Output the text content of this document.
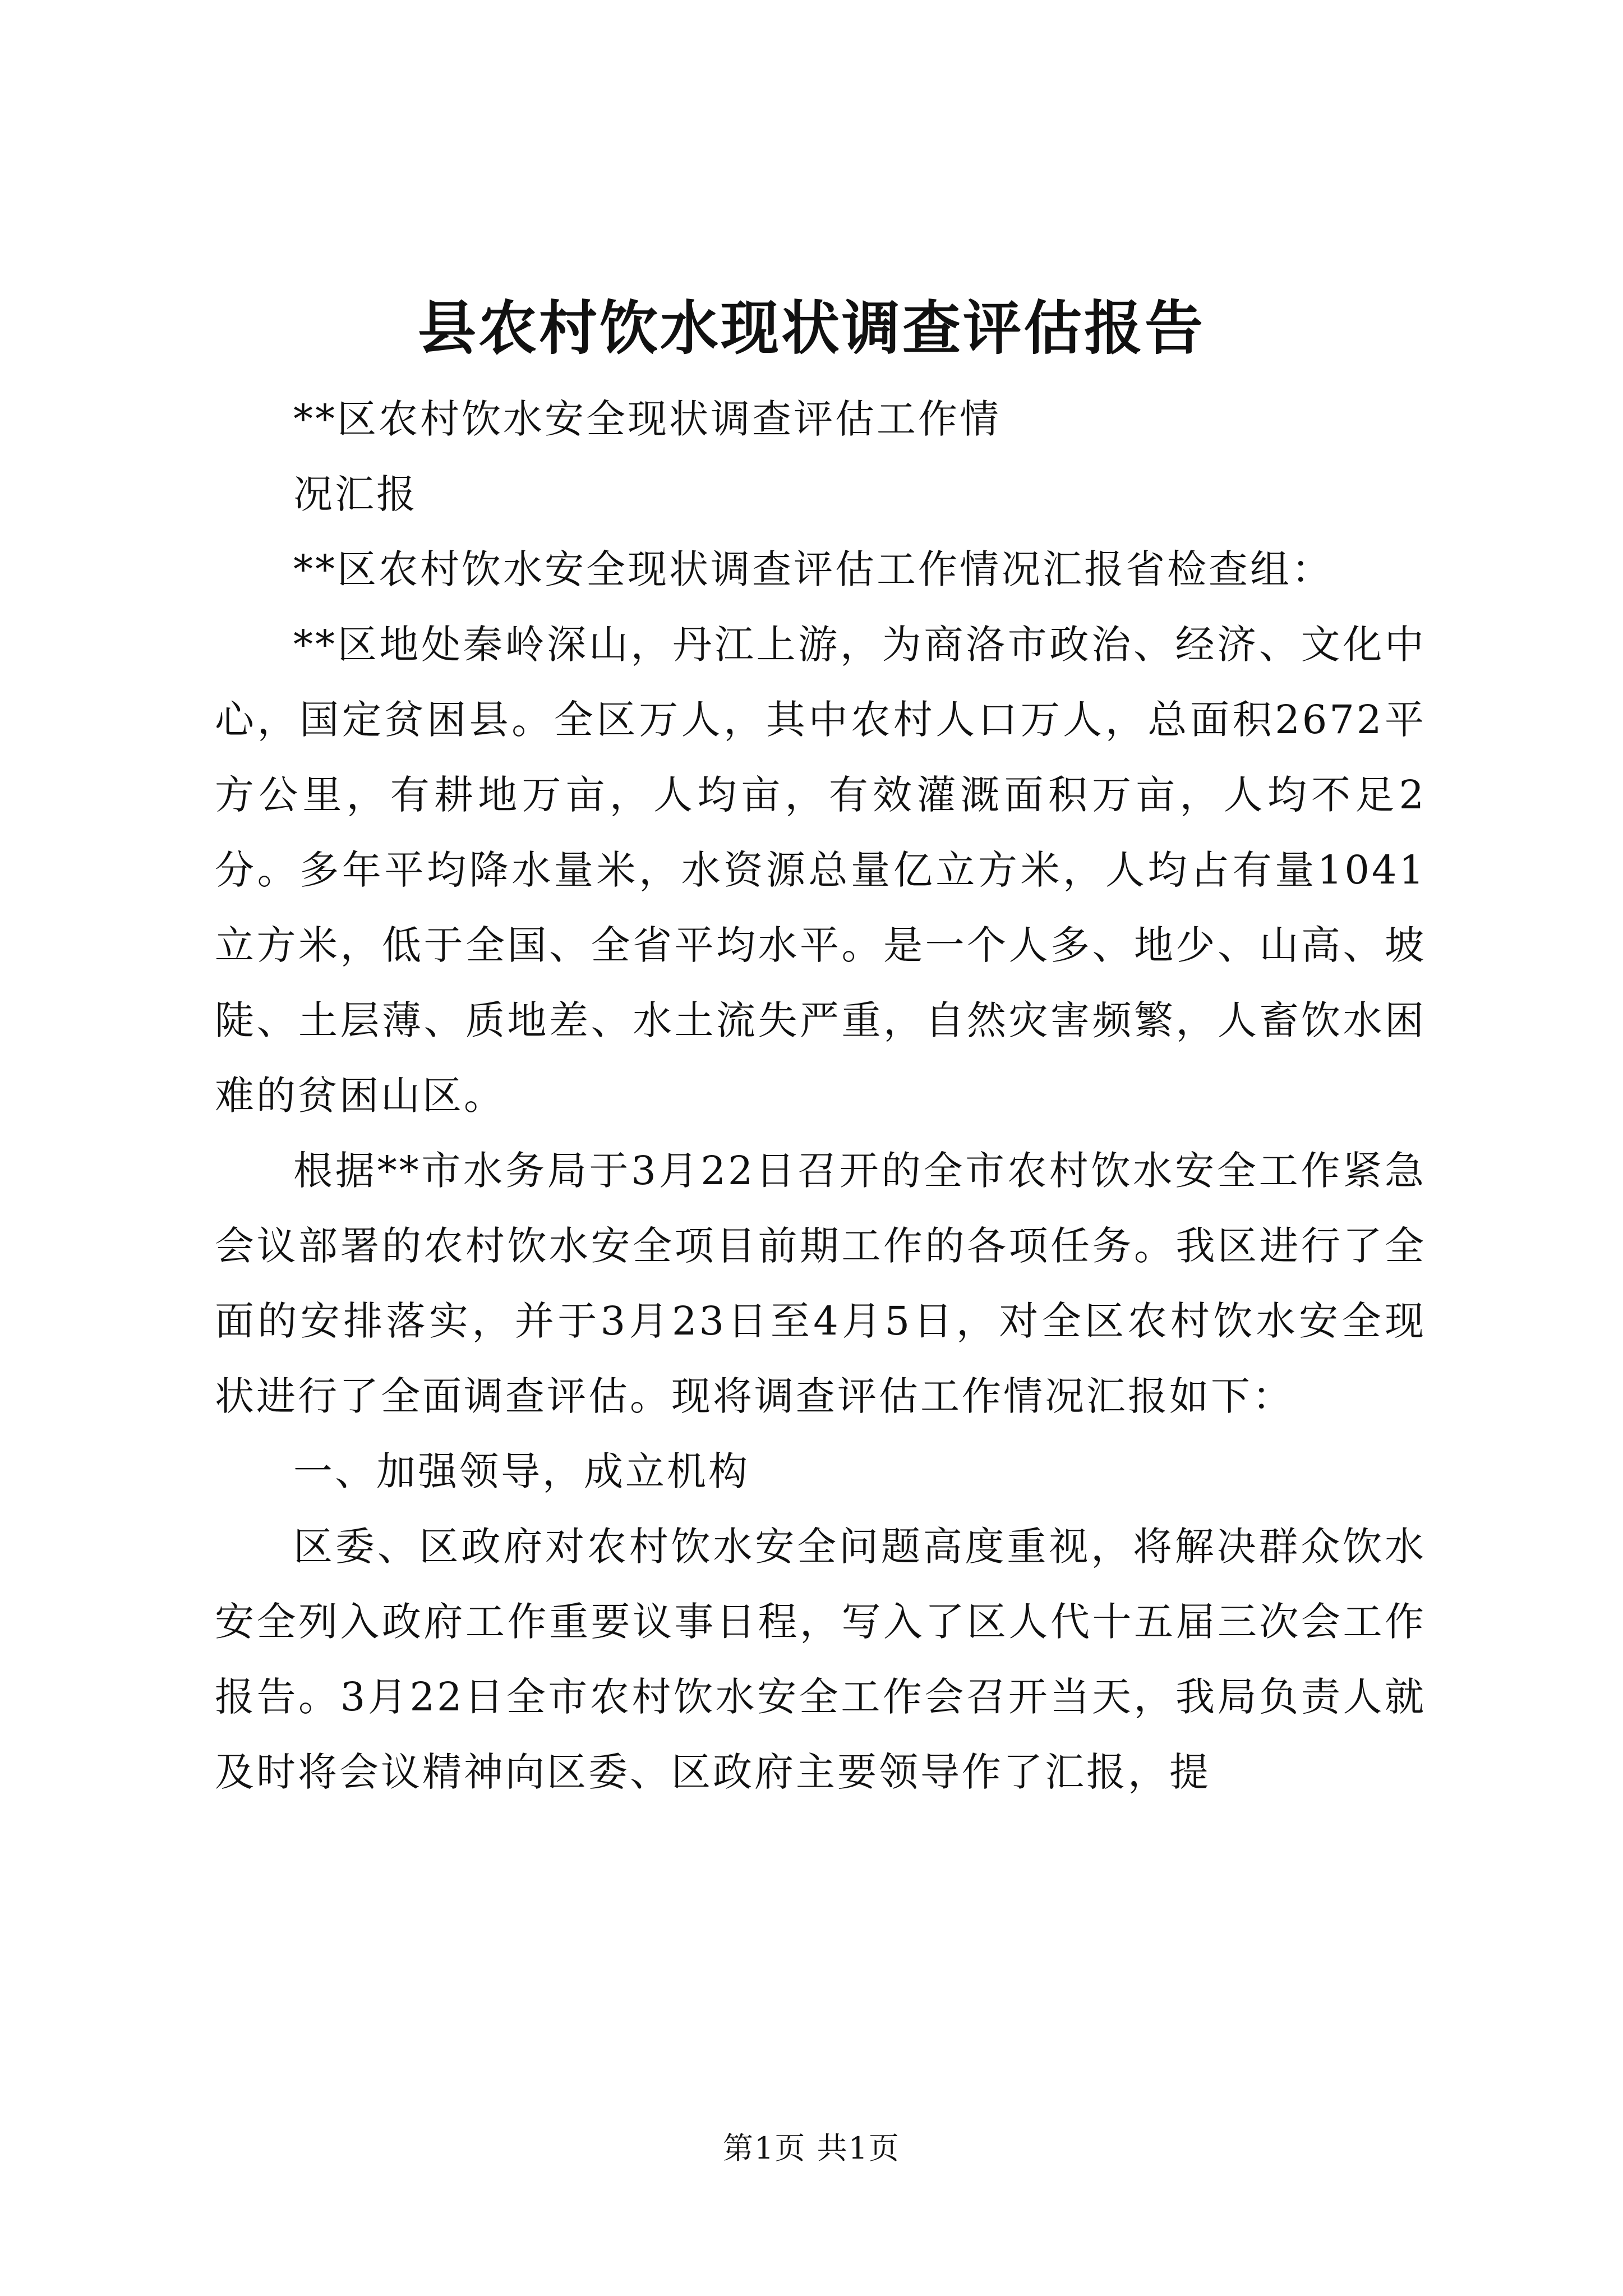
县农村饮水现状调查评估报告

**区农村饮水安全现状调查评估工作情

况汇报

**区农村饮水安全现状调查评估工作情况汇报省检查组：

**区地处秦岭深山，丹江上游，为商洛市政治、经济、文化中心，国定贫困县。全区万人，其中农村人口万人，总面积2672平方公里，有耕地万亩，人均亩，有效灌溉面积万亩，人均不足2分。多年平均降水量米，水资源总量亿立方米，人均占有量1041立方米，低于全国、全省平均水平。是一个人多、地少、山高、坡陡、土层薄、质地差、水土流失严重，自然灾害频繁，人畜饮水困难的贫困山区。

根据**市水务局于3月22日召开的全市农村饮水安全工作紧急会议部署的农村饮水安全项目前期工作的各项任务。我区进行了全面的安排落实，并于3月23日至4月5日，对全区农村饮水安全现状进行了全面调查评估。现将调查评估工作情况汇报如下：

一、加强领导，成立机构

区委、区政府对农村饮水安全问题高度重视，将解决群众饮水安全列入政府工作重要议事日程，写入了区人代十五届三次会工作报告。3月22日全市农村饮水安全工作会召开当天，我局负责人就及时将会议精神向区委、区政府主要领导作了汇报，提

第1页 共1页
